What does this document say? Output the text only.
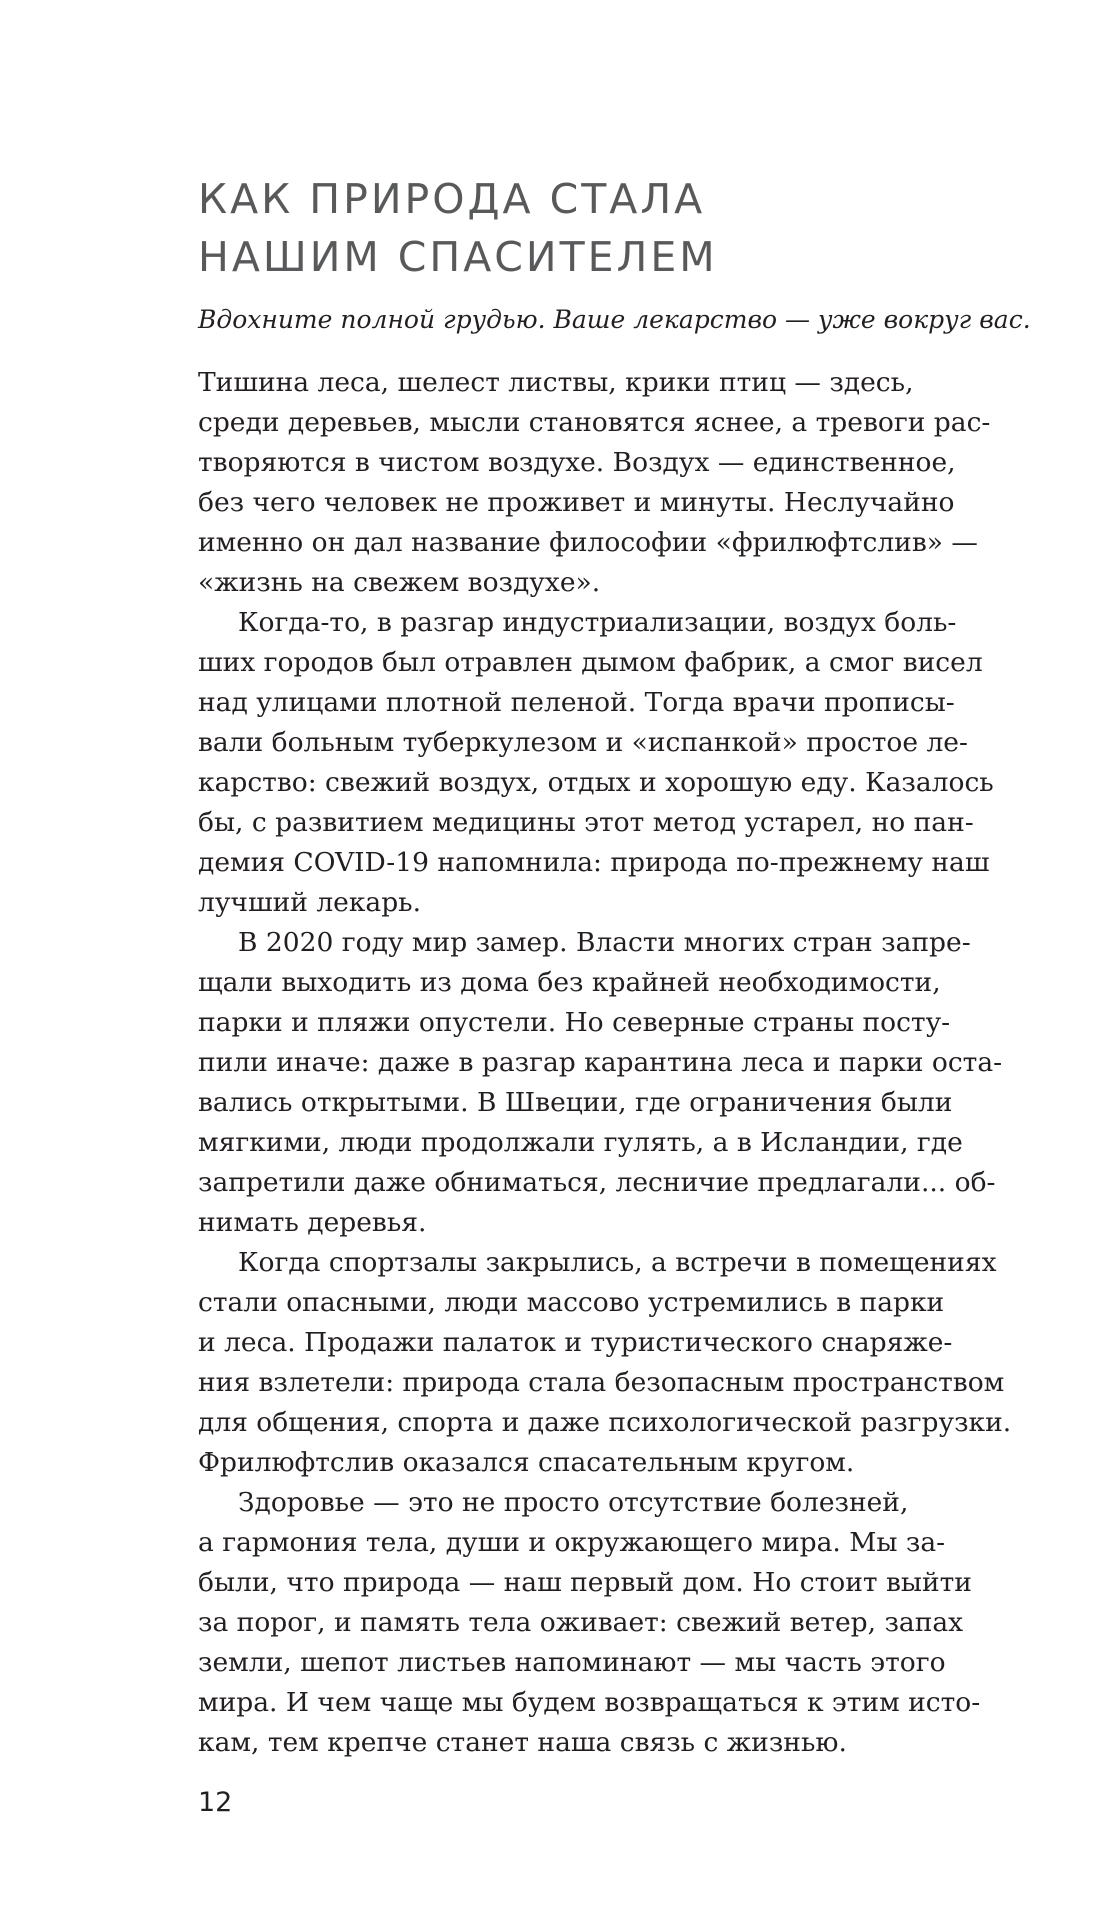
КАК ПРИРОДА СТАЛА
НАШИМ СПАСИТЕЛЕМ
Вдохните полной грудью. Ваше лекарство — уже вокруг вас.
Тишина леса, шелест листвы, крики птиц — здесь,
среди деревьев, мысли становятся яснее, а тревоги рас-
творяются в чистом воздухе. Воздух — единственное,
без чего человек не проживет и минуты. Неслучайно
именно он дал название философии «фрилюфтслив» —
«жизнь на свежем воздухе».
Когда-то, в разгар индустриализации, воздух боль-
ших городов был отравлен дымом фабрик, а смог висел
над улицами плотной пеленой. Тогда врачи прописы-
вали больным туберкулезом и «испанкой» простое ле-
карство: свежий воздух, отдых и хорошую еду. Казалось
бы, с развитием медицины этот метод устарел, но пан-
демия COVID-19 напомнила: природа по-прежнему наш
лучший лекарь.
В 2020 году мир замер. Власти многих стран запре-
щали выходить из дома без крайней необходимости,
парки и пляжи опустели. Но северные страны посту-
пили иначе: даже в разгар карантина леса и парки оста-
вались открытыми. В Швеции, где ограничения были
мягкими, люди продолжали гулять, а в Исландии, где
запретили даже обниматься, лесничие предлагали... об-
нимать деревья.
Когда спортзалы закрылись, а встречи в помещениях
стали опасными, люди массово устремились в парки
и леса. Продажи палаток и туристического снаряже-
ния взлетели: природа стала безопасным пространством
для общения, спорта и даже психологической разгрузки.
Фрилюфтслив оказался спасательным кругом.
Здоровье — это не просто отсутствие болезней,
а гармония тела, души и окружающего мира. Мы за-
были, что природа — наш первый дом. Но стоит выйти
за порог, и память тела оживает: свежий ветер, запах
земли, шепот листьев напоминают — мы часть этого
мира. И чем чаще мы будем возвращаться к этим исто-
кам, тем крепче станет наша связь с жизнью.
12
